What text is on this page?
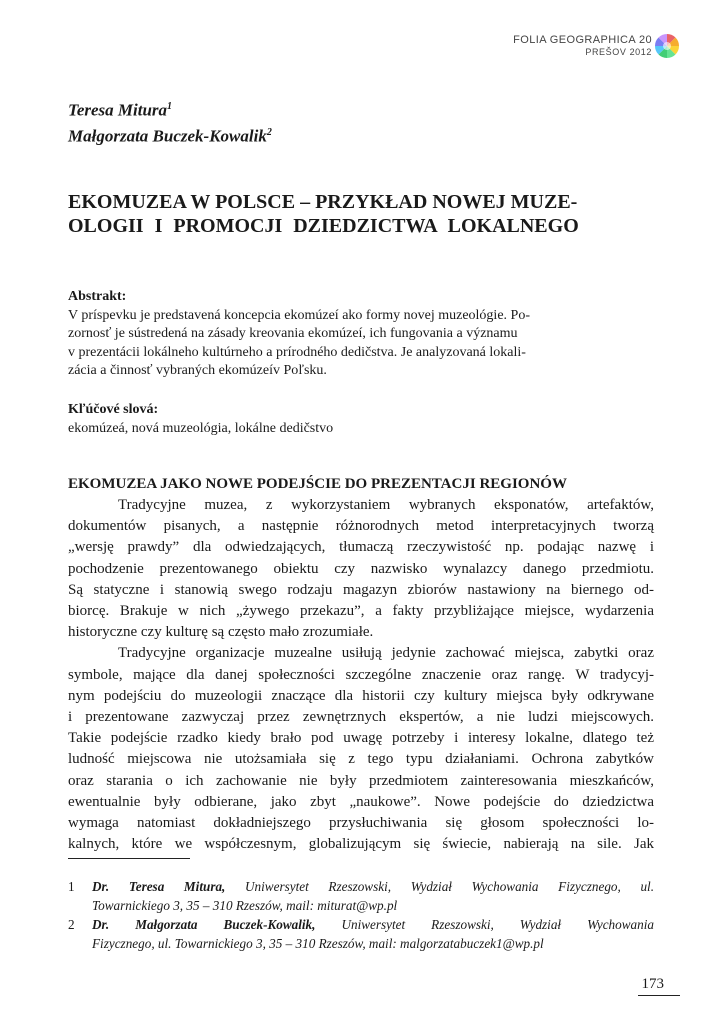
FOLIA GEOGRAPHICA 20
PREŠOV 2012
Teresa Mitura$^1$
Małgorzata Buczek-Kowalik$^2$
EKOMUZEA W POLSCE – PRZYKŁAD NOWEJ MUZE-
OLOGII I PROMOCJI DZIEDZICTWA LOKALNEGO
Abstrakt:
V príspevku je predstavená koncepcia ekomúzeí ako formy novej muzeológie. Po-
zornosť je sústredená na zásady kreovania ekomúzeí, ich fungovania a významu
v prezentácii lokálneho kultúrneho a prírodného dedičstva. Je analyzovaná lokali-
zácia a činnosť vybraných ekomúzeív Poľsku.
Kľúčové slová:
ekomúzeá, nová muzeológia, lokálne dedičstvo
EKOMUZEA JAKO NOWE PODEJŚCIE DO PREZENTACJI REGIONÓW
Tradycyjne muzea, z wykorzystaniem wybranych eksponatów, artefaktów,
dokumentów pisanych, a następnie różnorodnych metod interpretacyjnych tworzą
„wersję prawdy” dla odwiedzających, tłumaczą rzeczywistość np. podając nazwę i
pochodzenie prezentowanego obiektu czy nazwisko wynalazcy danego przedmiotu.
Są statyczne i stanowią swego rodzaju magazyn zbiorów nastawiony na biernego od-
biorcę. Brakuje w nich „żywego przekazu”, a fakty przybliżające miejsce, wydarzenia
historyczne czy kulturę są często mało zrozumiałe.
Tradycyjne organizacje muzealne usiłują jedynie zachować miejsca, zabytki oraz
symbole, mające dla danej społeczności szczególne znaczenie oraz rangę. W tradycyj-
nym podejściu do muzeologii znaczące dla historii czy kultury miejsca były odkrywane
i prezentowane zazwyczaj przez zewnętrznych ekspertów, a nie ludzi miejscowych.
Takie podejście rzadko kiedy brało pod uwagę potrzeby i interesy lokalne, dlatego też
ludność miejscowa nie utożsamiała się z tego typu działaniami. Ochrona zabytków
oraz starania o ich zachowanie nie były przedmiotem zainteresowania mieszkańców,
ewentualnie były odbierane, jako zbyt „naukowe”. Nowe podejście do dziedzictwa
wymaga natomiast dokładniejszego przysłuchiwania się głosom społeczności lo-
kalnych, które we współczesnym, globalizującym się świecie, nabierają na sile. Jak
1 Dr. Teresa Mitura, Uniwersytet Rzeszowski, Wydział Wychowania Fizycznego, ul.
Towarnickiego 3, 35 – 310 Rzeszów, mail: miturat@wp.pl
2 Dr. Małgorzata Buczek-Kowalik, Uniwersytet Rzeszowski, Wydział Wychowania
Fizycznego, ul. Towarnickiego 3, 35 – 310 Rzeszów, mail: malgorzatabuczek1@wp.pl
173
